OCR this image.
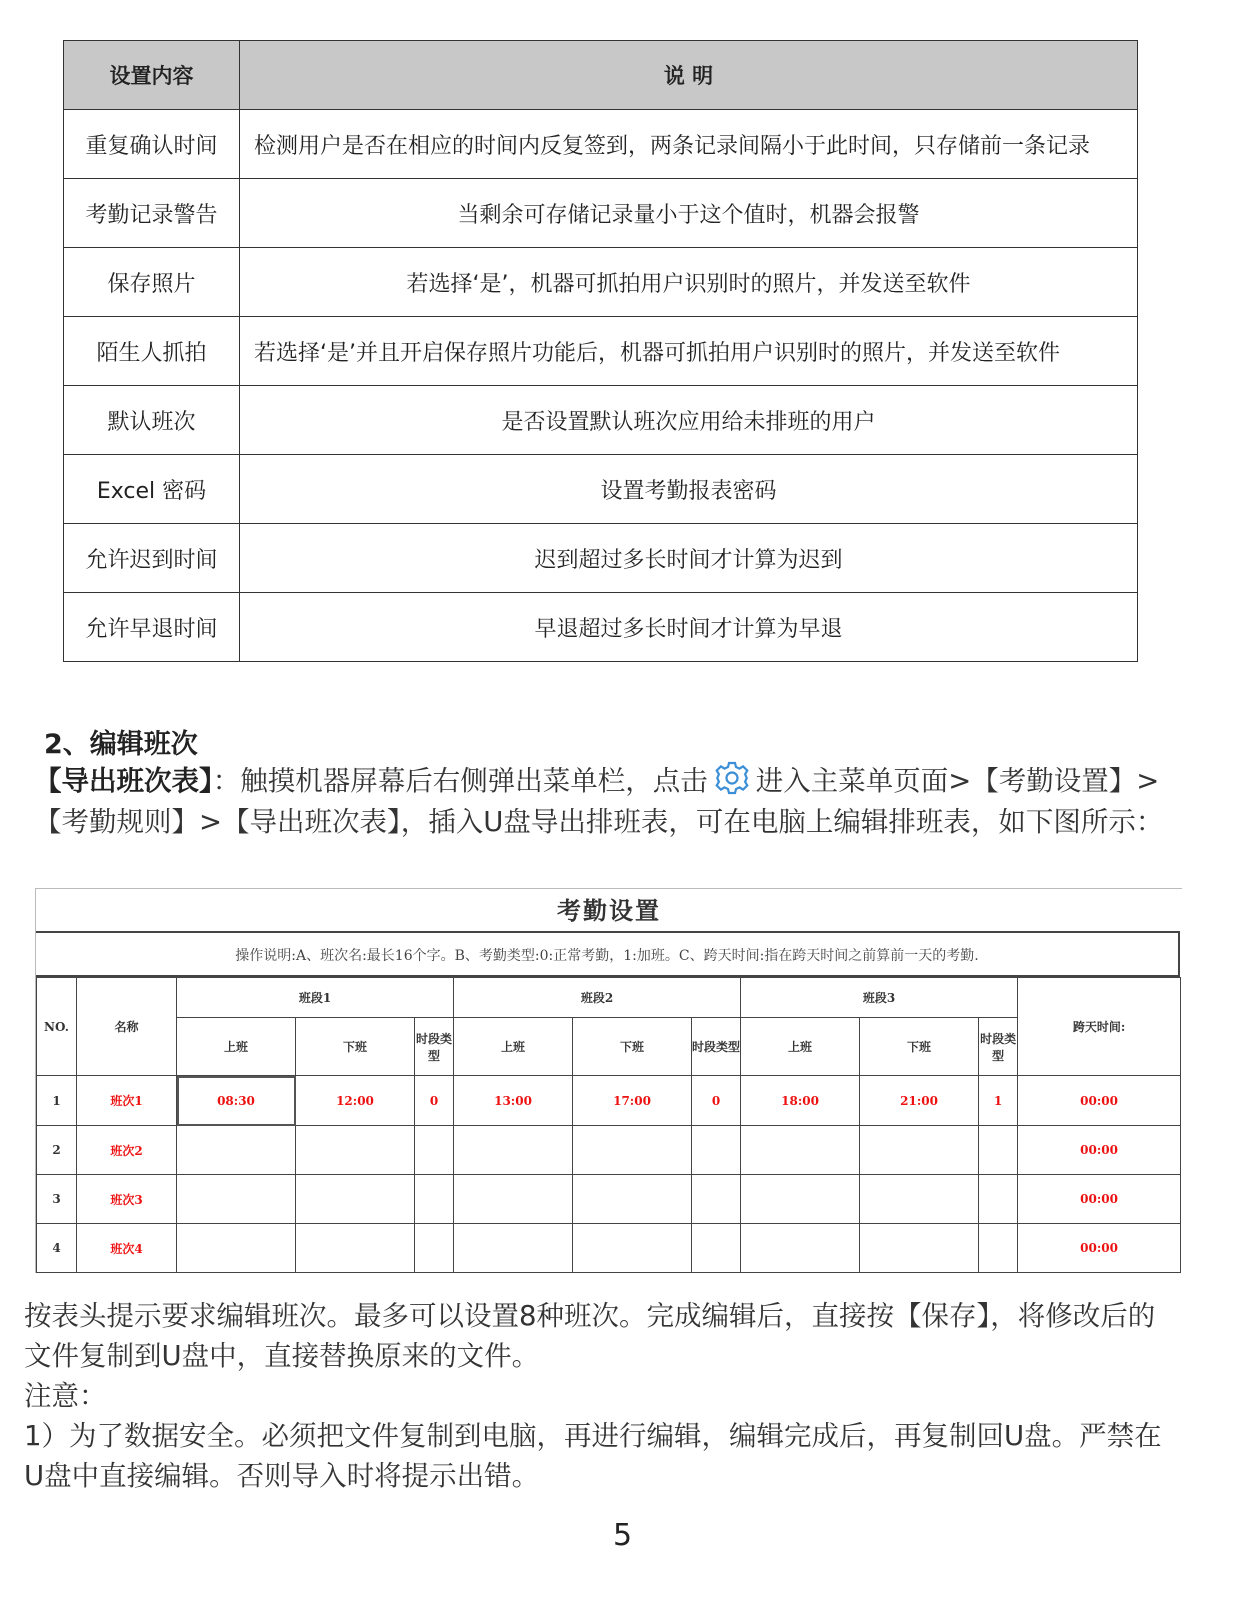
设置内容	说 明
重复确认时间	检测用户是否在相应的时间内反复签到，两条记录间隔小于此时间，只存储前一条记录
考勤记录警告	当剩余可存储记录量小于这个值时，机器会报警
保存照片	若选择‘是’，机器可抓拍用户识别时的照片，并发送至软件
陌生人抓拍	若选择‘是’并且开启保存照片功能后，机器可抓拍用户识别时的照片，并发送至软件
默认班次	是否设置默认班次应用给未排班的用户
Excel 密码	设置考勤报表密码
允许迟到时间	迟到超过多长时间才计算为迟到
允许早退时间	早退超过多长时间才计算为早退
2、编辑班次
【导出班次表】：触摸机器屏幕后右侧弹出菜单栏，点击 进入主菜单页面>【考勤设置】>【考勤规则】>【导出班次表】，插入U盘导出排班表，可在电脑上编辑排班表，如下图所示：
考勤设置
操作说明:A、班次名:最长16个字。B、考勤类型:0:正常考勤，1:加班。C、跨天时间:指在跨天时间之前算前一天的考勤.
NO.	名称	班段1			班段2			班段3			跨天时间:
		上班	下班	时段类型	上班	下班	时段类型	上班	下班	时段类型	
1	班次1	08:30	12:00	0	13:00	17:00	0	18:00	21:00	1	00:00
2	班次2										00:00
3	班次3										00:00
4	班次4										00:00
按表头提示要求编辑班次。最多可以设置8种班次。完成编辑后，直接按【保存】，将修改后的文件复制到U盘中，直接替换原来的文件。
注意：
1）为了数据安全。必须把文件复制到电脑，再进行编辑，编辑完成后，再复制回U盘。严禁在U盘中直接编辑。否则导入时将提示出错。
5
